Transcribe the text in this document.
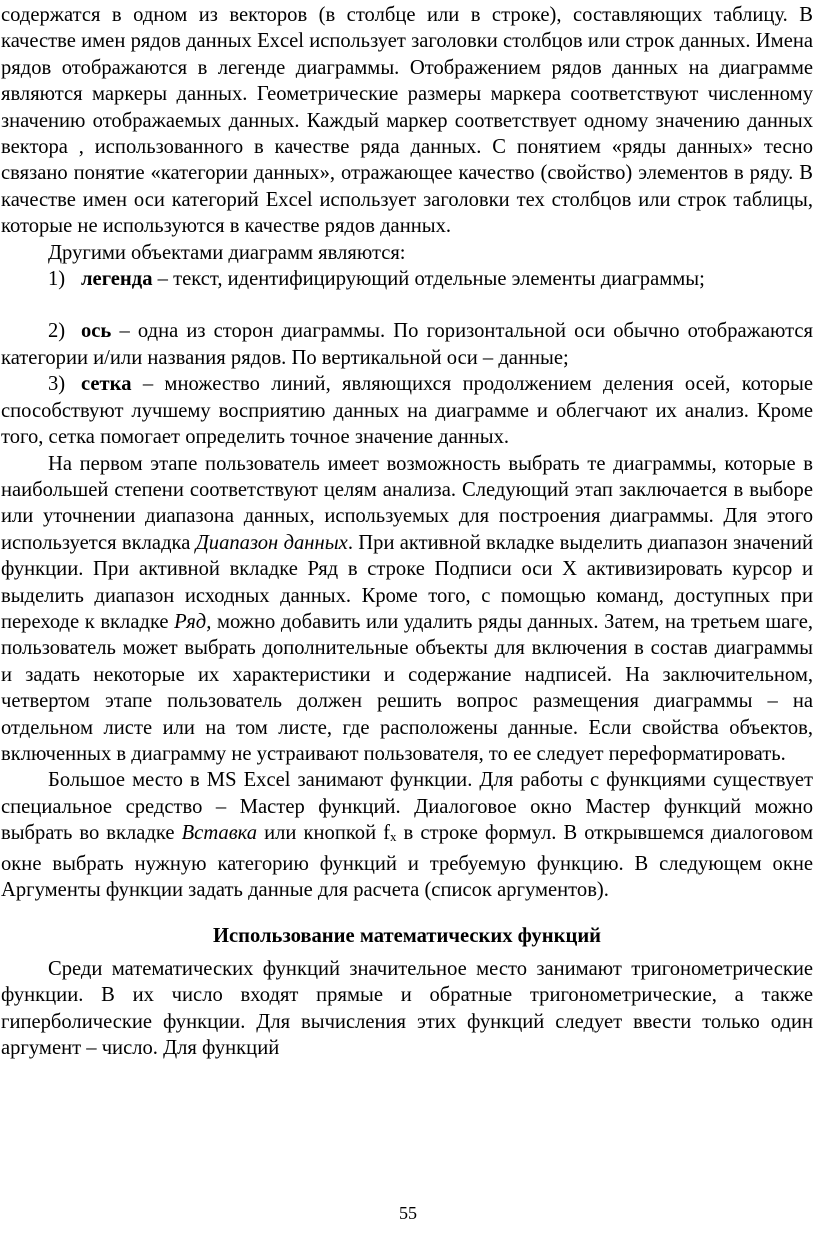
содержатся в одном из векторов (в столбце или в строке), составляющих таблицу. В качестве имен рядов данных Excel использует заголовки столбцов или строк данных. Имена рядов отображаются в легенде диаграммы. Отображением рядов данных на диаграмме являются маркеры данных. Геометрические размеры маркера соответствуют численному значению отображаемых данных. Каждый маркер соответствует одному значению данных вектора , использованного в качестве ряда данных. С понятием «ряды данных» тесно связано понятие «категории данных», отражающее качество (свойство) элементов в ряду. В качестве имен оси категорий Excel использует заголовки тех столбцов или строк таблицы, которые не используются в качестве рядов данных.

Другими объектами диаграмм являются:

1) легенда – текст, идентифицирующий отдельные элементы диаграммы;

2) ось – одна из сторон диаграммы. По горизонтальной оси обычно отображаются категории и/или названия рядов. По вертикальной оси – данные;

3) сетка – множество линий, являющихся продолжением деления осей, которые способствуют лучшему восприятию данных на диаграмме и облегчают их анализ. Кроме того, сетка помогает определить точное значение данных.

На первом этапе пользователь имеет возможность выбрать те диаграммы, которые в наибольшей степени соответствуют целям анализа. Следующий этап заключается в выборе или уточнении диапазона данных, используемых для построения диаграммы. Для этого используется вкладка Диапазон данных. При активной вкладке выделить диапазон значений функции. При активной вкладке Ряд в строке Подписи оси Х активизировать курсор и выделить диапазон исходных данных. Кроме того, с помощью команд, доступных при переходе к вкладке Ряд, можно добавить или удалить ряды данных. Затем, на третьем шаге, пользователь может выбрать дополнительные объекты для включения в состав диаграммы и задать некоторые их характеристики и содержание надписей. На заключительном, четвертом этапе пользователь должен решить вопрос размещения диаграммы – на отдельном листе или на том листе, где расположены данные. Если свойства объектов, включенных в диаграмму не устраивают пользователя, то ее следует переформатировать.

Большое место в MS Excel занимают функции. Для работы с функциями существует специальное средство – Мастер функций. Диалоговое окно Мастер функций можно выбрать во вкладке Вставка или кнопкой $f_x$ в строке формул. В открывшемся диалоговом окне выбрать нужную категорию функций и требуемую функцию. В следующем окне Аргументы функции задать данные для расчета (список аргументов).

Использование математических функций

Среди математических функций значительное место занимают тригонометрические функции. В их число входят прямые и обратные тригонометрические, а также гиперболические функции. Для вычисления этих функций следует ввести только один аргумент – число. Для функций

55
